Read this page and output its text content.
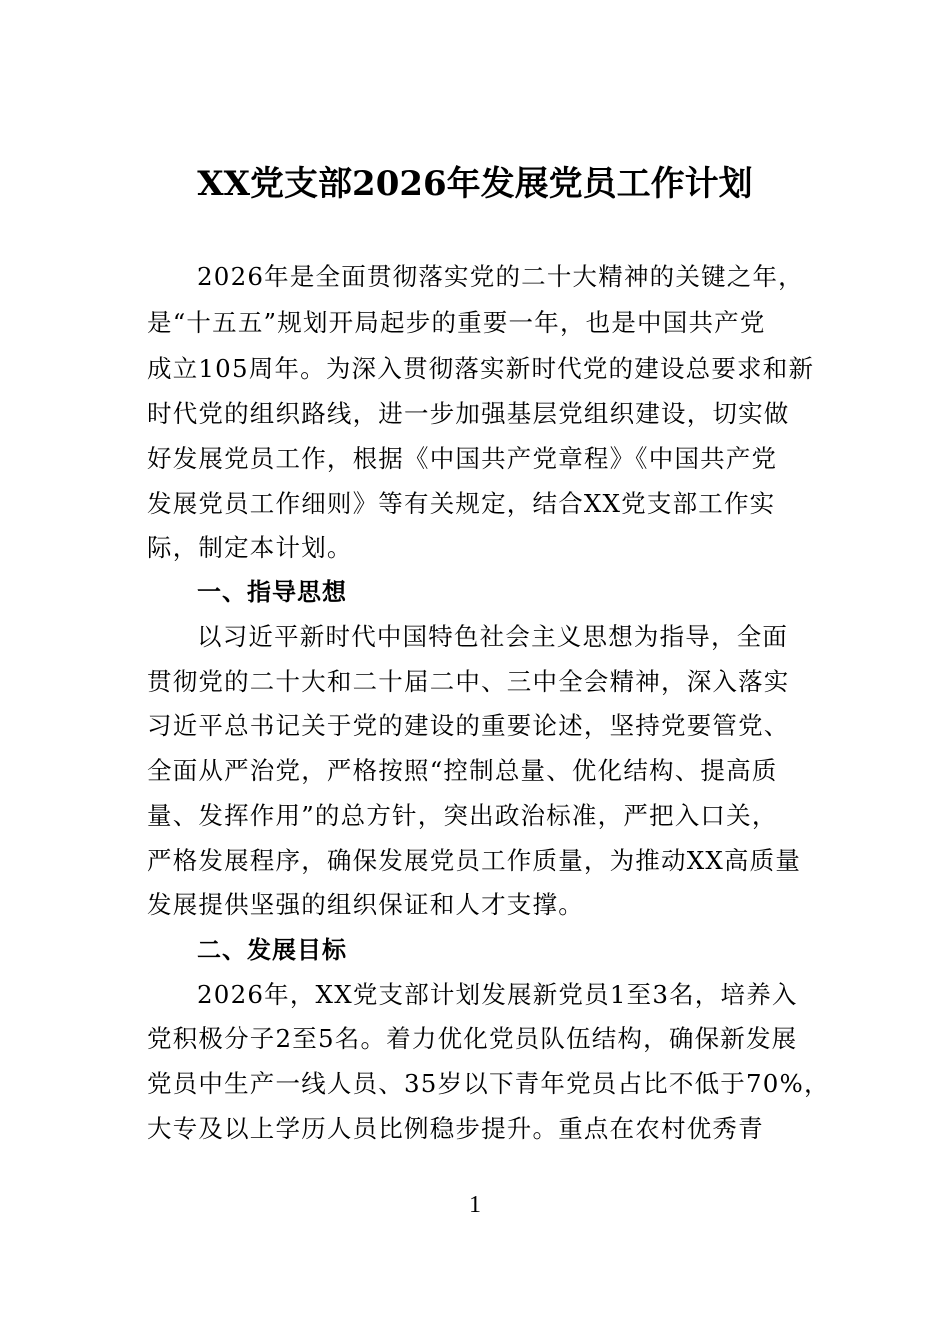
XX党支部2026年发展党员工作计划

2026年是全面贯彻落实党的二十大精神的关键之年，

是“十五五”规划开局起步的重要一年，也是中国共产党

成立105周年。为深入贯彻落实新时代党的建设总要求和新

时代党的组织路线，进一步加强基层党组织建设，切实做

好发展党员工作，根据《中国共产党章程》《中国共产党

发展党员工作细则》等有关规定，结合XX党支部工作实

际，制定本计划。

一、指导思想

以习近平新时代中国特色社会主义思想为指导，全面

贯彻党的二十大和二十届二中、三中全会精神，深入落实

习近平总书记关于党的建设的重要论述，坚持党要管党、

全面从严治党，严格按照“控制总量、优化结构、提高质

量、发挥作用”的总方针，突出政治标准，严把入口关，

严格发展程序，确保发展党员工作质量，为推动XX高质量

发展提供坚强的组织保证和人才支撑。

二、发展目标

2026年，XX党支部计划发展新党员1至3名，培养入

党积极分子2至5名。着力优化党员队伍结构，确保新发展

党员中生产一线人员、35岁以下青年党员占比不低于70%，

大专及以上学历人员比例稳步提升。重点在农村优秀青

1
